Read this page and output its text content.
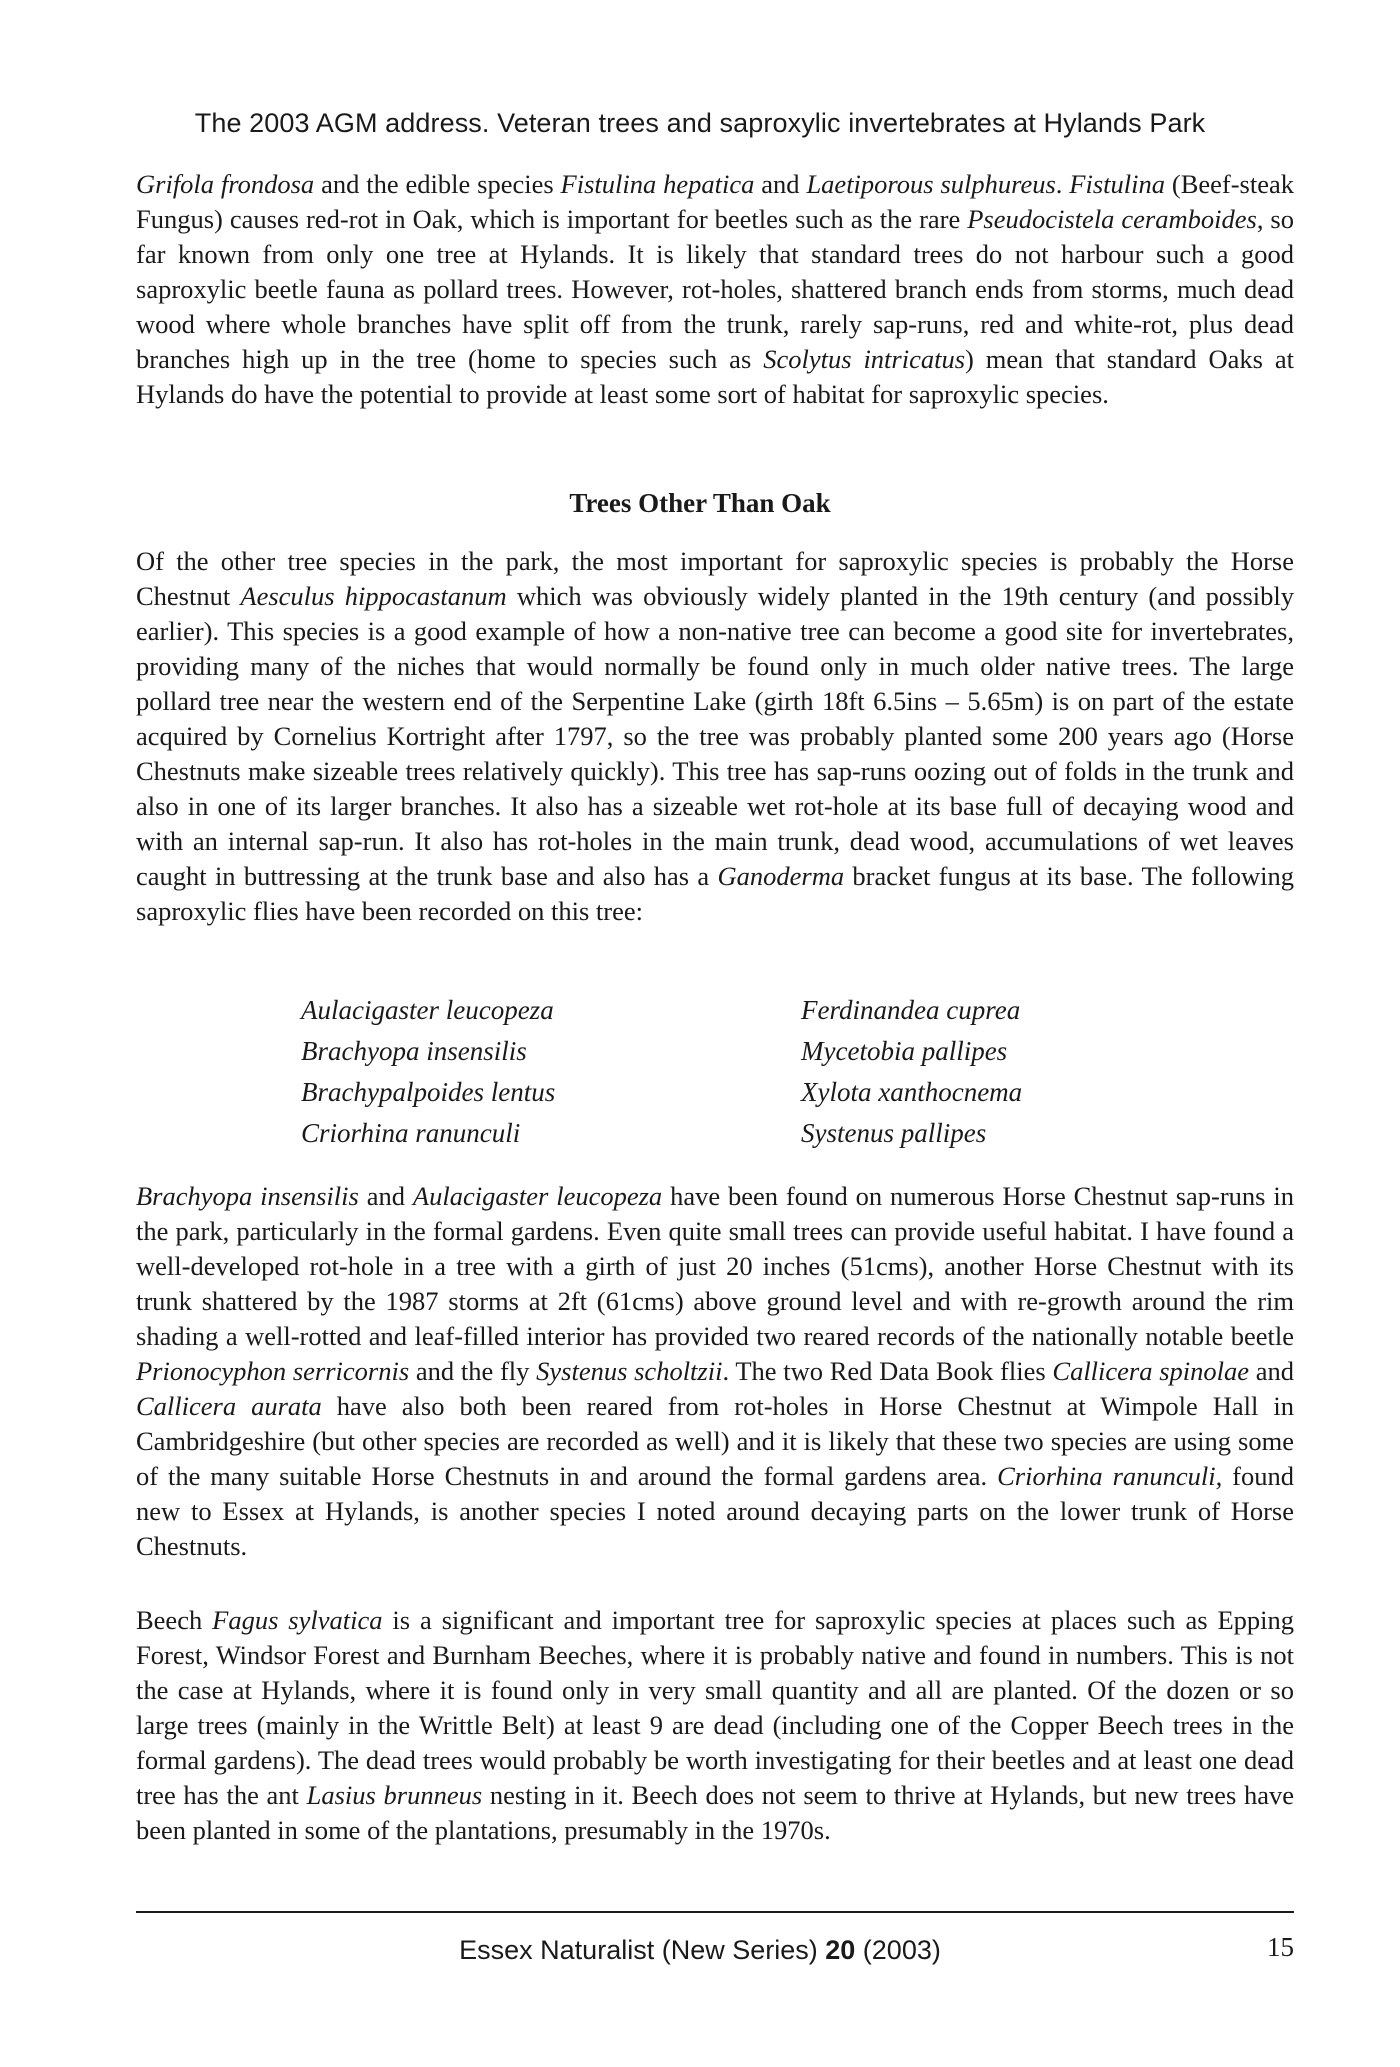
The 2003 AGM address. Veteran trees and saproxylic invertebrates at Hylands Park

Grifola frondosa and the edible species Fistulina hepatica and Laetiporous sulphureus. Fistulina (Beef-steak Fungus) causes red-rot in Oak, which is important for beetles such as the rare Pseudocistela ceramboides, so far known from only one tree at Hylands. It is likely that standard trees do not harbour such a good saproxylic beetle fauna as pollard trees. However, rot-holes, shattered branch ends from storms, much dead wood where whole branches have split off from the trunk, rarely sap-runs, red and white-rot, plus dead branches high up in the tree (home to species such as Scolytus intricatus) mean that standard Oaks at Hylands do have the potential to provide at least some sort of habitat for saproxylic species.

Trees Other Than Oak

Of the other tree species in the park, the most important for saproxylic species is probably the Horse Chestnut Aesculus hippocastanum which was obviously widely planted in the 19th century (and possibly earlier). This species is a good example of how a non-native tree can become a good site for invertebrates, providing many of the niches that would normally be found only in much older native trees. The large pollard tree near the western end of the Serpentine Lake (girth 18ft 6.5ins – 5.65m) is on part of the estate acquired by Cornelius Kortright after 1797, so the tree was probably planted some 200 years ago (Horse Chestnuts make sizeable trees relatively quickly). This tree has sap-runs oozing out of folds in the trunk and also in one of its larger branches. It also has a sizeable wet rot-hole at its base full of decaying wood and with an internal sap-run. It also has rot-holes in the main trunk, dead wood, accumulations of wet leaves caught in buttressing at the trunk base and also has a Ganoderma bracket fungus at its base. The following saproxylic flies have been recorded on this tree:

Aulacigaster leucopeza
Brachyopa insensilis
Brachypalpoides lentus
Criorhina ranunculi
Ferdinandea cuprea
Mycetobia pallipes
Xylota xanthocnema
Systenus pallipes

Brachyopa insensilis and Aulacigaster leucopeza have been found on numerous Horse Chestnut sap-runs in the park, particularly in the formal gardens. Even quite small trees can provide useful habitat. I have found a well-developed rot-hole in a tree with a girth of just 20 inches (51cms), another Horse Chestnut with its trunk shattered by the 1987 storms at 2ft (61cms) above ground level and with re-growth around the rim shading a well-rotted and leaf-filled interior has provided two reared records of the nationally notable beetle Prionocyphon serricornis and the fly Systenus scholtzii. The two Red Data Book flies Callicera spinolae and Callicera aurata have also both been reared from rot-holes in Horse Chestnut at Wimpole Hall in Cambridgeshire (but other species are recorded as well) and it is likely that these two species are using some of the many suitable Horse Chestnuts in and around the formal gardens area. Criorhina ranunculi, found new to Essex at Hylands, is another species I noted around decaying parts on the lower trunk of Horse Chestnuts.

Beech Fagus sylvatica is a significant and important tree for saproxylic species at places such as Epping Forest, Windsor Forest and Burnham Beeches, where it is probably native and found in numbers. This is not the case at Hylands, where it is found only in very small quantity and all are planted. Of the dozen or so large trees (mainly in the Writtle Belt) at least 9 are dead (including one of the Copper Beech trees in the formal gardens). The dead trees would probably be worth investigating for their beetles and at least one dead tree has the ant Lasius brunneus nesting in it. Beech does not seem to thrive at Hylands, but new trees have been planted in some of the plantations, presumably in the 1970s.

Essex Naturalist (New Series) 20 (2003)	15
